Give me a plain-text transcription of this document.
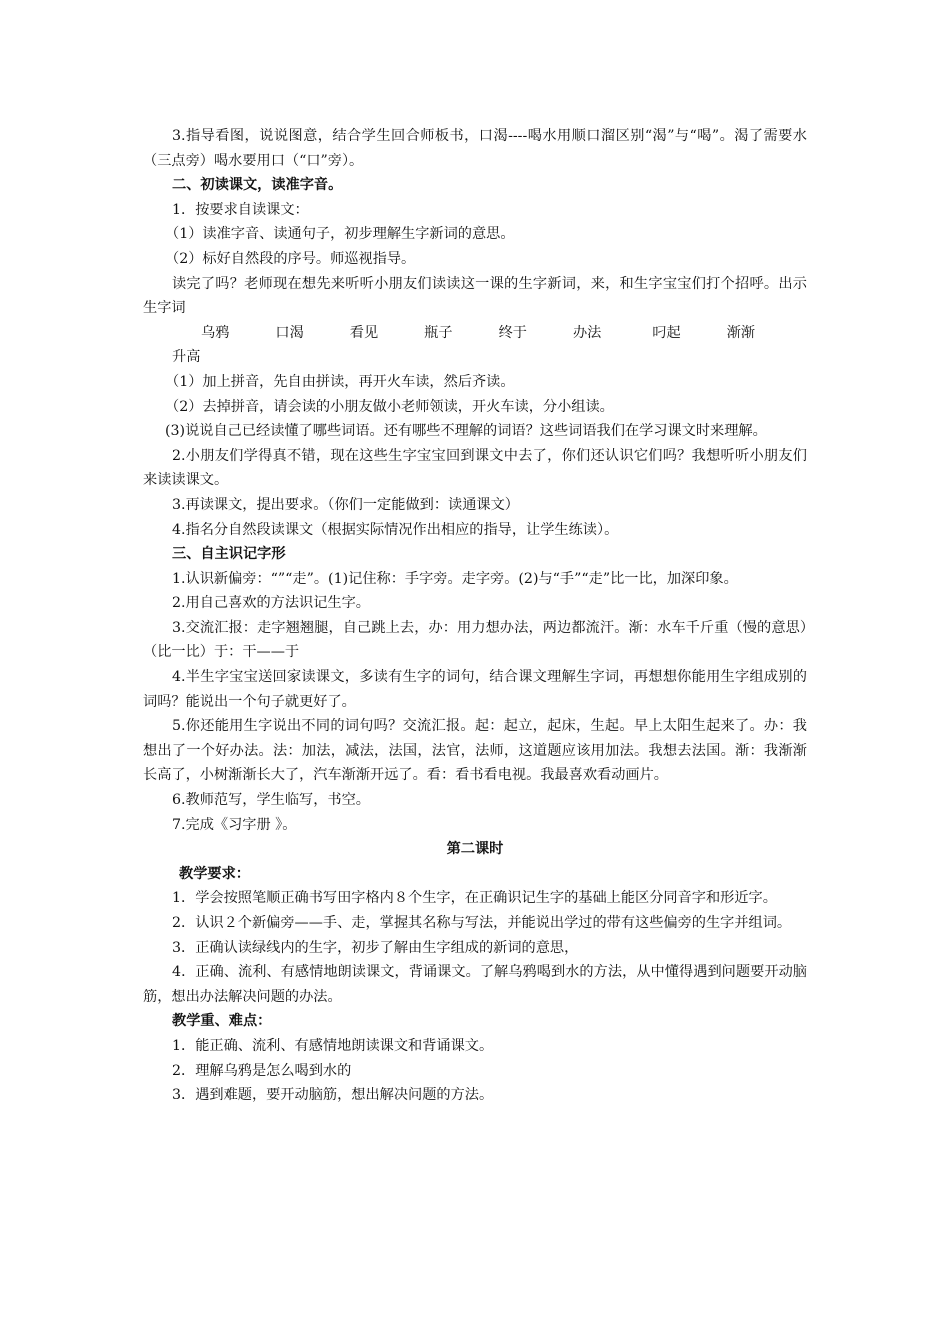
3.指导看图，说说图意，结合学生回合师板书，口渴----喝水用顺口溜区别“渴”与“喝”。渴了需要水（三点旁）喝水要用口（“口”旁）。

二、初读课文，读准字音。

1．按要求自读课文：

（1）读准字音、读通句子，初步理解生字新词的意思。

（2）标好自然段的序号。师巡视指导。

读完了吗？老师现在想先来听听小朋友们读读这一课的生字新词，来，和生字宝宝们打个招呼。出示生字词

乌鸦	口渴	看见	瓶子	终于	办法	叼起	渐渐升高

（1）加上拼音，先自由拼读，再开火车读，然后齐读。

（2）去掉拼音，请会读的小朋友做小老师领读，开火车读，分小组读。

(3)说说自己已经读懂了哪些词语。还有哪些不理解的词语？这些词语我们在学习课文时来理解。

2.小朋友们学得真不错，现在这些生字宝宝回到课文中去了，你们还认识它们吗？我想听听小朋友们来读读课文。

3.再读课文，提出要求。（你们一定能做到：读通课文）

4.指名分自然段读课文（根据实际情况作出相应的指导，让学生练读）。

三、自主识记字形

1.认识新偏旁：“”“走”。(1)记住称：手字旁。走字旁。(2)与“手”“走”比一比，加深印象。

2.用自己喜欢的方法识记生字。

3.交流汇报：走字翘翘腿，自己跳上去，办：用力想办法，两边都流汗。渐：水车千斤重（慢的意思）（比一比）于：干——于

4.半生字宝宝送回家读课文，多读有生字的词句，结合课文理解生字词，再想想你能用生字组成别的词吗？能说出一个句子就更好了。

5.你还能用生字说出不同的词句吗？交流汇报。起：起立，起床，生起。早上太阳生起来了。办：我想出了一个好办法。法：加法，减法，法国，法官，法师，这道题应该用加法。我想去法国。渐：我渐渐长高了，小树渐渐长大了，汽车渐渐开远了。看：看书看电视。我最喜欢看动画片。

6.教师范写，学生临写，书空。

7.完成《习字册 》。

第二课时

教学要求：

1．学会按照笔顺正确书写田字格内８个生字，在正确识记生字的基础上能区分同音字和形近字。

2．认识２个新偏旁——手、走，掌握其名称与写法，并能说出学过的带有这些偏旁的生字并组词。

3．正确认读绿线内的生字，初步了解由生字组成的新词的意思，

4．正确、流利、有感情地朗读课文，背诵课文。了解乌鸦喝到水的方法，从中懂得遇到问题要开动脑筋，想出办法解决问题的办法。

教学重、难点：

1．能正确、流利、有感情地朗读课文和背诵课文。

2．理解乌鸦是怎么喝到水的

3．遇到难题，要开动脑筋，想出解决问题的方法。
